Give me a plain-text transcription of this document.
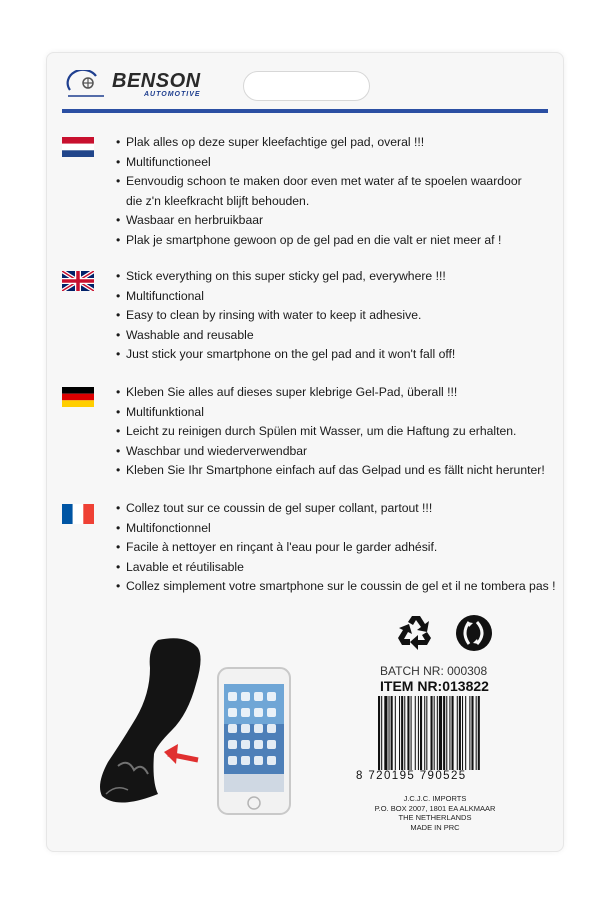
BENSON
AUTOMOTIVE
• Plak alles op deze super kleefachtige gel pad, overal !!!
• Multifunctioneel
• Eenvoudig schoon te maken door even met water af te spoelen waardoor die z'n kleefkracht blijft behouden.
• Wasbaar en herbruikbaar
• Plak je smartphone gewoon op de gel pad en die valt er niet meer af !
• Stick everything on this super sticky gel pad, everywhere !!!
• Multifunctional
• Easy to clean by rinsing with water to keep it adhesive.
• Washable and reusable
• Just stick your smartphone on the gel pad and it won't fall off!
• Kleben Sie alles auf dieses super klebrige Gel-Pad, überall !!!
• Multifunktional
• Leicht zu reinigen durch Spülen mit Wasser, um die Haftung zu erhalten.
• Waschbar und wiederverwendbar
• Kleben Sie Ihr Smartphone einfach auf das Gelpad und es fällt nicht herunter!
• Collez tout sur ce coussin de gel super collant, partout !!!
• Multifonctionnel
• Facile à nettoyer en rinçant à l'eau pour le garder adhésif.
• Lavable et réutilisable
• Collez simplement votre smartphone sur le coussin de gel et il ne tombera pas !
BATCH NR: 000308
ITEM NR:013822
8 720195 790525
J.C.J.C. IMPORTS
P.O. BOX 2007, 1801 EA ALKMAAR
THE NETHERLANDS
MADE IN PRC
